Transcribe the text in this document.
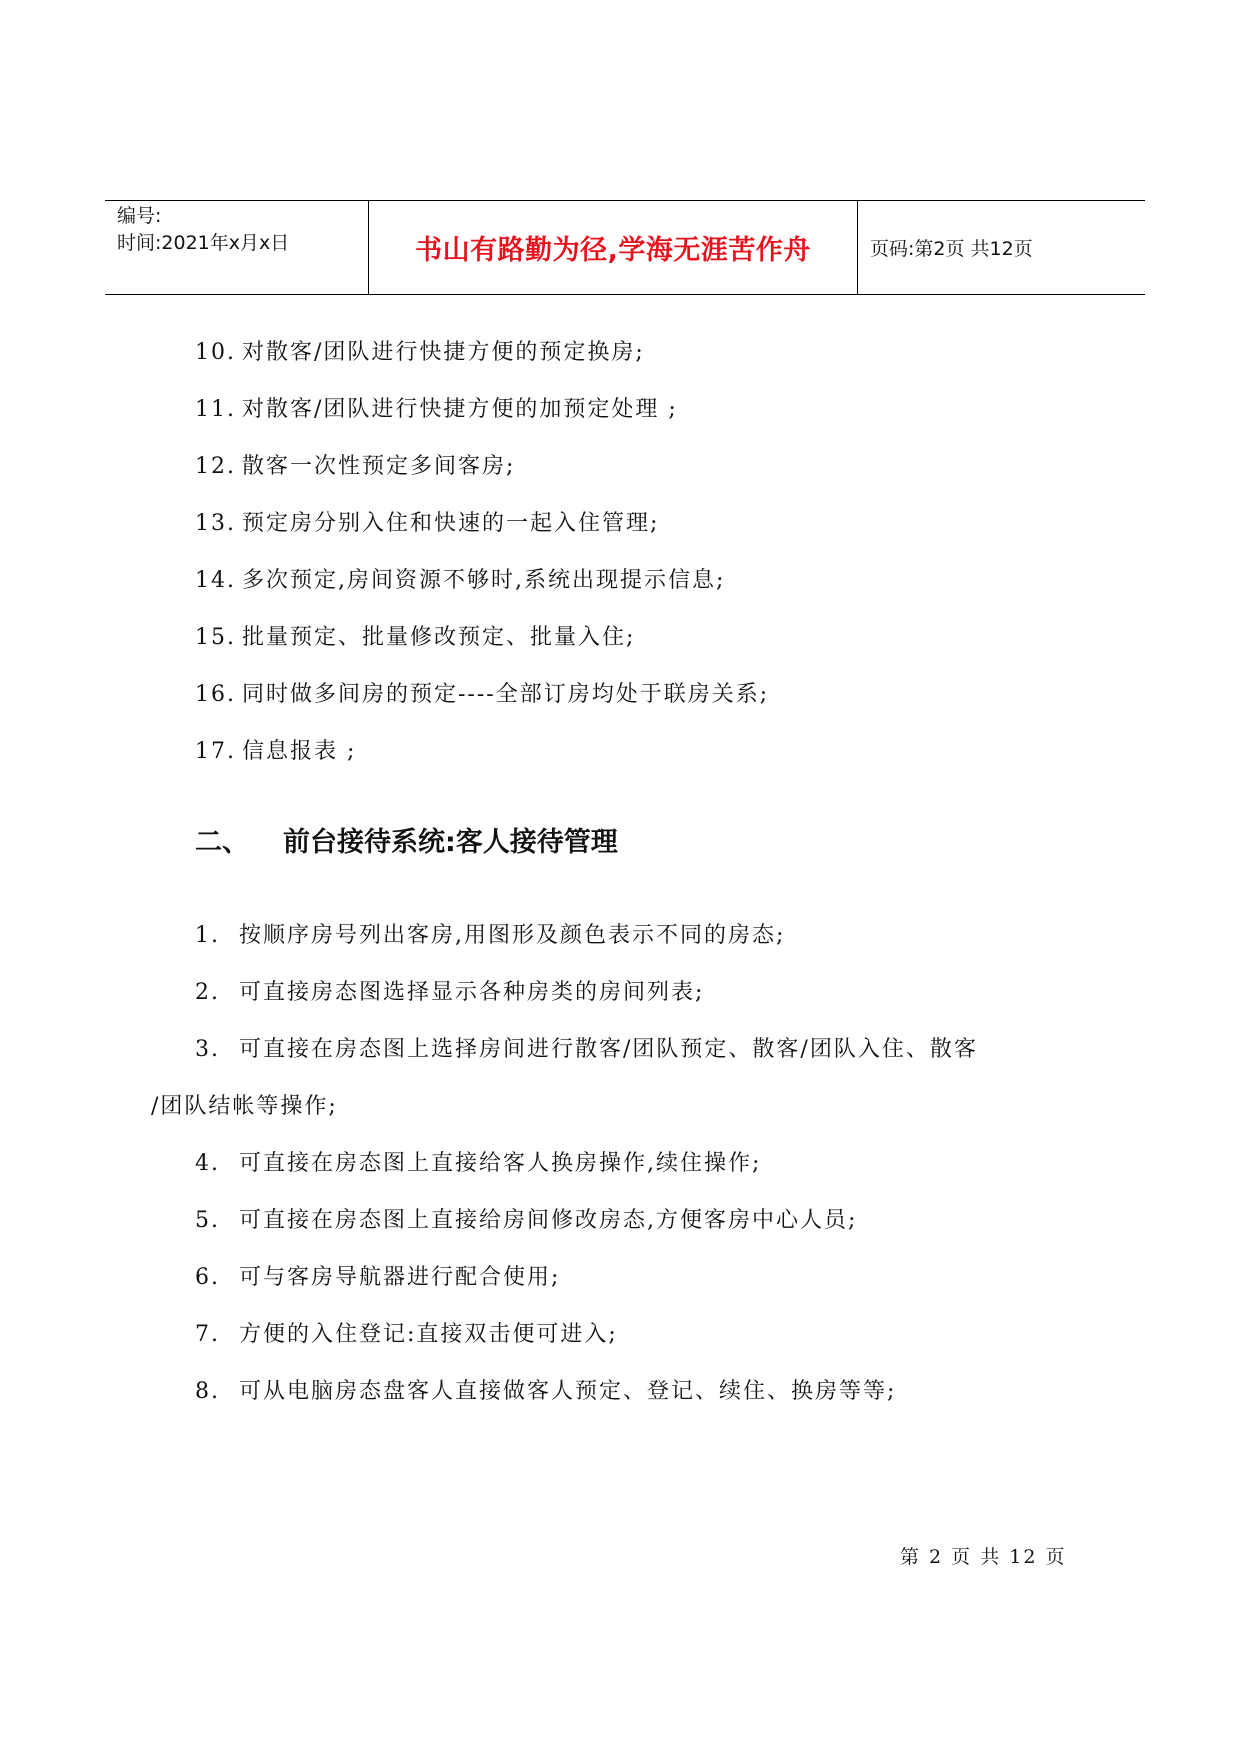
编号:
时间:2021年x月x日	书山有路勤为径,学海无涯苦作舟	页码:第2页 共12页
10. 对散客/团队进行快捷方便的预定换房;
11. 对散客/团队进行快捷方便的加预定处理 ;
12. 散客一次性预定多间客房;
13. 预定房分别入住和快速的一起入住管理;
14. 多次预定,房间资源不够时,系统出现提示信息;
15. 批量预定、批量修改预定、批量入住;
16. 同时做多间房的预定----全部订房均处于联房关系;
17. 信息报表 ;
二、 前台接待系统:客人接待管理
1. 按顺序房号列出客房,用图形及颜色表示不同的房态;
2. 可直接房态图选择显示各种房类的房间列表;
3. 可直接在房态图上选择房间进行散客/团队预定、散客/团队入住、散客
/团队结帐等操作;
4. 可直接在房态图上直接给客人换房操作,续住操作;
5. 可直接在房态图上直接给房间修改房态,方便客房中心人员;
6. 可与客房导航器进行配合使用;
7. 方便的入住登记:直接双击便可进入;
8. 可从电脑房态盘客人直接做客人预定、登记、续住、换房等等;
第 2 页 共 12 页
